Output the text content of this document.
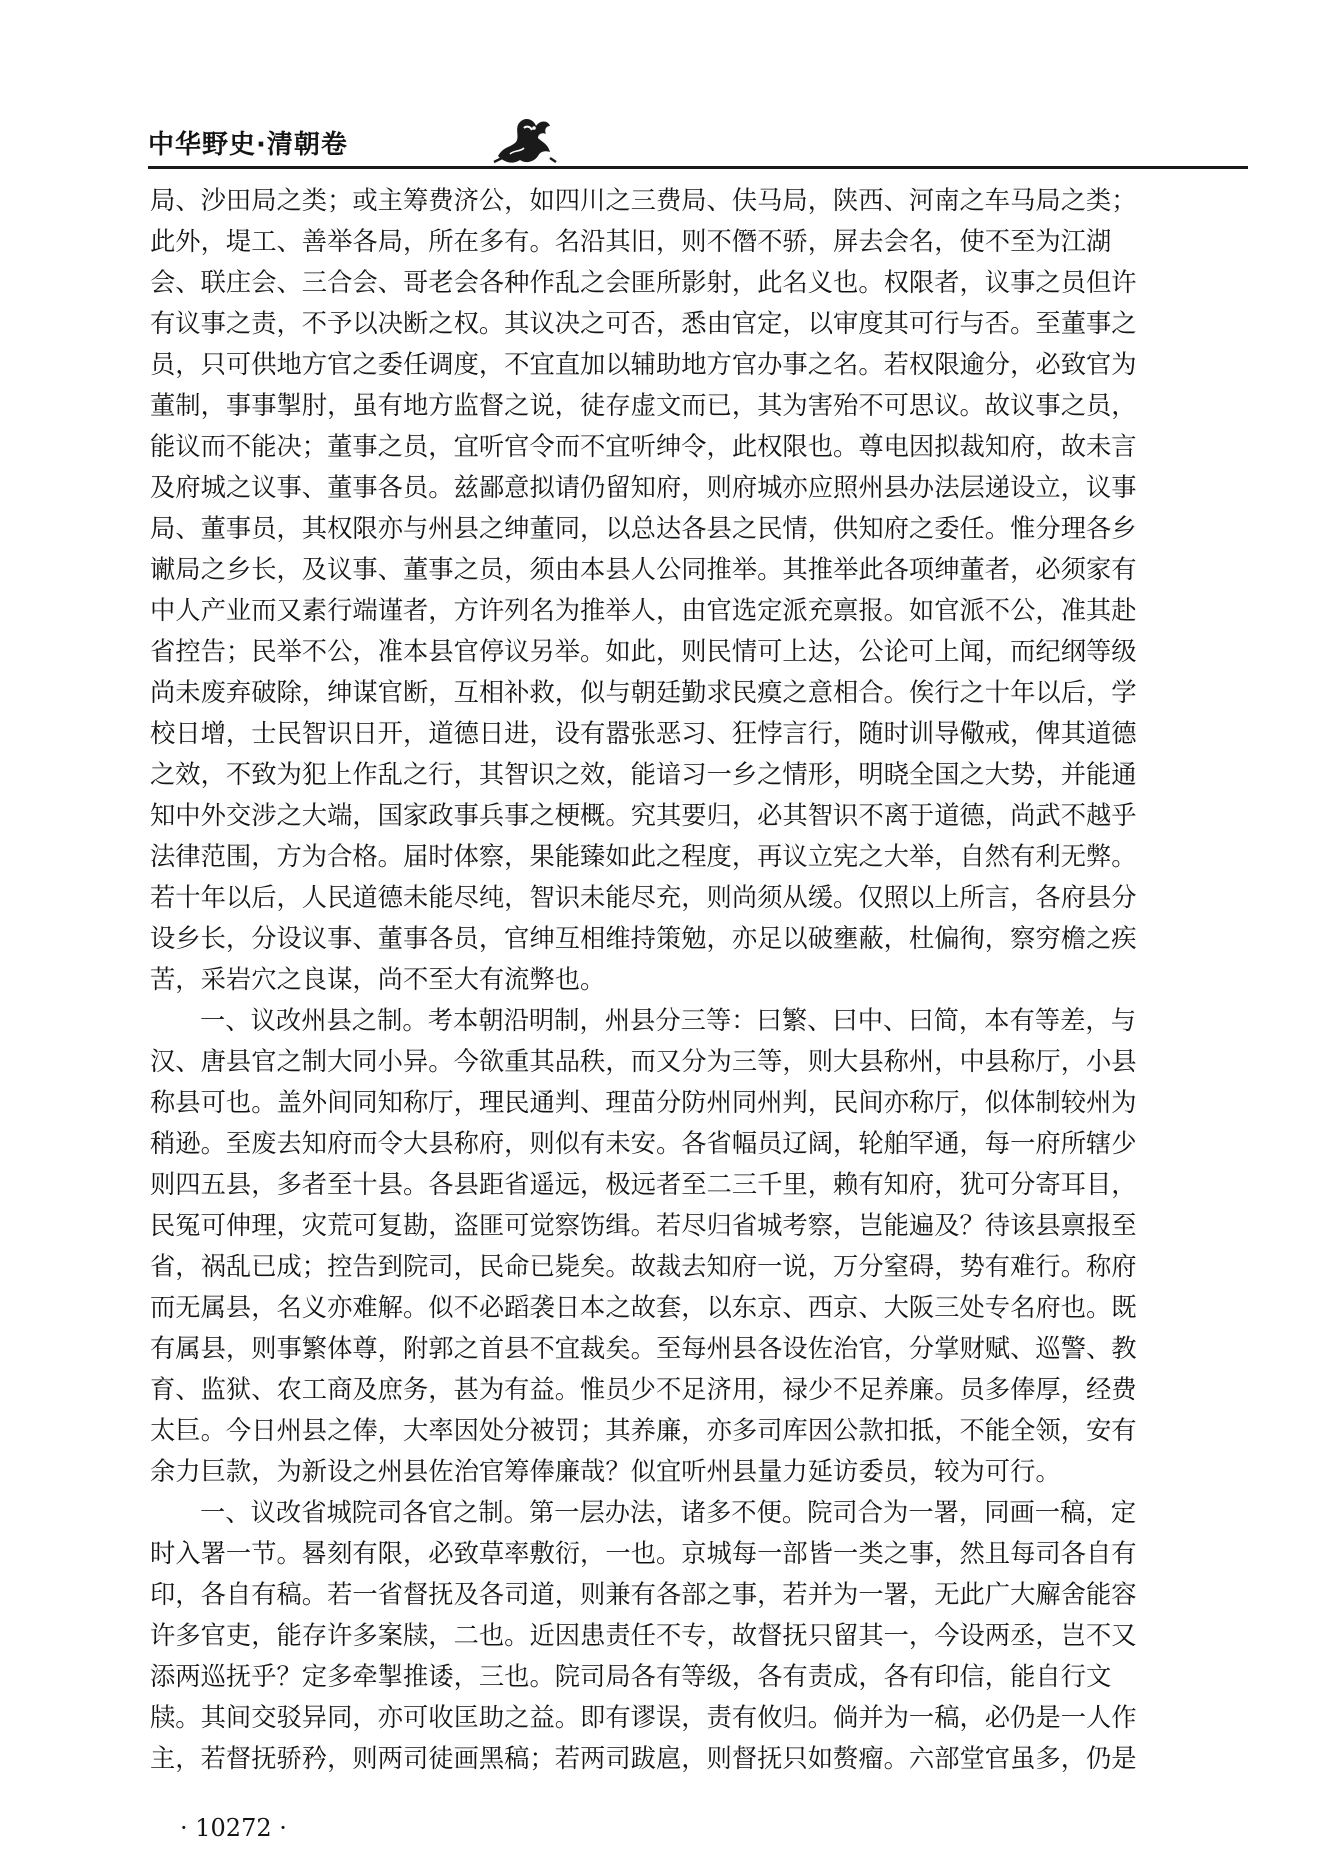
中华野史·清朝卷
局、沙田局之类；或主筹费济公，如四川之三费局、伕马局，陕西、河南之车马局之类；
此外，堤工、善举各局，所在多有。名沿其旧，则不僭不骄，屏去会名，使不至为江湖
会、联庄会、三合会、哥老会各种作乱之会匪所影射，此名义也。权限者，议事之员但许
有议事之责，不予以决断之权。其议决之可否，悉由官定，以审度其可行与否。至董事之
员，只可供地方官之委任调度，不宜直加以辅助地方官办事之名。若权限逾分，必致官为
董制，事事掣肘，虽有地方监督之说，徒存虚文而已，其为害殆不可思议。故议事之员，
能议而不能决；董事之员，宜听官令而不宜听绅令，此权限也。尊电因拟裁知府，故未言
及府城之议事、董事各员。兹鄙意拟请仍留知府，则府城亦应照州县办法层递设立，议事
局、董事员，其权限亦与州县之绅董同，以总达各县之民情，供知府之委任。惟分理各乡
谳局之乡长，及议事、董事之员，须由本县人公同推举。其推举此各项绅董者，必须家有
中人产业而又素行端谨者，方许列名为推举人，由官选定派充禀报。如官派不公，准其赴
省控告；民举不公，准本县官停议另举。如此，则民情可上达，公论可上闻，而纪纲等级
尚未废弃破除，绅谋官断，互相补救，似与朝廷勤求民瘼之意相合。俟行之十年以后，学
校日增，士民智识日开，道德日进，设有嚣张恶习、狂悖言行，随时训导儆戒，俾其道德
之效，不致为犯上作乱之行，其智识之效，能谙习一乡之情形，明晓全国之大势，并能通
知中外交涉之大端，国家政事兵事之梗概。究其要归，必其智识不离于道德，尚武不越乎
法律范围，方为合格。届时体察，果能臻如此之程度，再议立宪之大举，自然有利无弊。
若十年以后，人民道德未能尽纯，智识未能尽充，则尚须从缓。仅照以上所言，各府县分
设乡长，分设议事、董事各员，官绅互相维持策勉，亦足以破壅蔽，杜偏徇，察穷檐之疾
苦，采岩穴之良谋，尚不至大有流弊也。
一、议改州县之制。考本朝沿明制，州县分三等：曰繁、曰中、曰简，本有等差，与
汉、唐县官之制大同小异。今欲重其品秩，而又分为三等，则大县称州，中县称厅，小县
称县可也。盖外间同知称厅，理民通判、理苗分防州同州判，民间亦称厅，似体制较州为
稍逊。至废去知府而令大县称府，则似有未安。各省幅员辽阔，轮舶罕通，每一府所辖少
则四五县，多者至十县。各县距省遥远，极远者至二三千里，赖有知府，犹可分寄耳目，
民冤可伸理，灾荒可复勘，盗匪可觉察饬缉。若尽归省城考察，岂能遍及？待该县禀报至
省，祸乱已成；控告到院司，民命已毙矣。故裁去知府一说，万分窒碍，势有难行。称府
而无属县，名义亦难解。似不必蹈袭日本之故套，以东京、西京、大阪三处专名府也。既
有属县，则事繁体尊，附郭之首县不宜裁矣。至每州县各设佐治官，分掌财赋、巡警、教
育、监狱、农工商及庶务，甚为有益。惟员少不足济用，禄少不足养廉。员多俸厚，经费
太巨。今日州县之俸，大率因处分被罚；其养廉，亦多司库因公款扣抵，不能全领，安有
余力巨款，为新设之州县佐治官筹俸廉哉？似宜听州县量力延访委员，较为可行。
一、议改省城院司各官之制。第一层办法，诸多不便。院司合为一署，同画一稿，定
时入署一节。晷刻有限，必致草率敷衍，一也。京城每一部皆一类之事，然且每司各自有
印，各自有稿。若一省督抚及各司道，则兼有各部之事，若并为一署，无此广大廨舍能容
许多官吏，能存许多案牍，二也。近因患责任不专，故督抚只留其一，今设两丞，岂不又
添两巡抚乎？定多牵掣推诿，三也。院司局各有等级，各有责成，各有印信，能自行文
牍。其间交驳异同，亦可收匡助之益。即有谬误，责有攸归。倘并为一稿，必仍是一人作
主，若督抚骄矜，则两司徒画黑稿；若两司跋扈，则督抚只如赘瘤。六部堂官虽多，仍是
· 10272 ·
